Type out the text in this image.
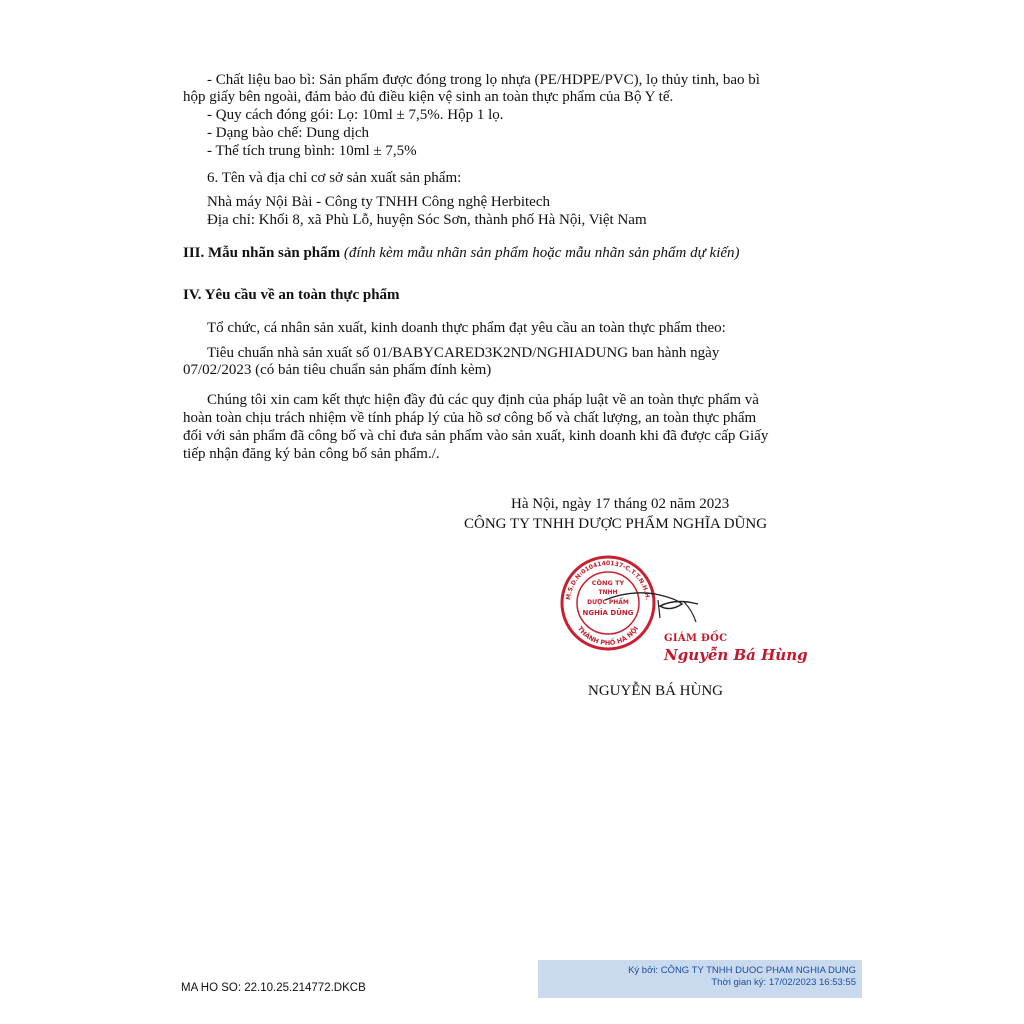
- Chất liệu bao bì: Sản phẩm được đóng trong lọ nhựa (PE/HDPE/PVC), lọ thủy tinh, bao bì
hộp giấy bên ngoài, đảm bảo đủ điều kiện vệ sinh an toàn thực phẩm của Bộ Y tế.
- Quy cách đóng gói: Lọ: 10ml ± 7,5%. Hộp 1 lọ.
- Dạng bào chế: Dung dịch
- Thể tích trung bình: 10ml ± 7,5%
6. Tên và địa chỉ cơ sở sản xuất sản phẩm:
Nhà máy Nội Bài - Công ty TNHH Công nghệ Herbitech
Địa chỉ: Khối 8, xã Phù Lỗ, huyện Sóc Sơn, thành phố Hà Nội, Việt Nam
III. Mẫu nhãn sản phẩm (đính kèm mẫu nhãn sản phẩm hoặc mẫu nhãn sản phẩm dự kiến)
IV. Yêu cầu về an toàn thực phẩm
Tổ chức, cá nhân sản xuất, kinh doanh thực phẩm đạt yêu cầu an toàn thực phẩm theo:
Tiêu chuẩn nhà sản xuất số 01/BABYCARED3K2ND/NGHIADUNG ban hành ngày
07/02/2023 (có bản tiêu chuẩn sản phẩm đính kèm)
Chúng tôi xin cam kết thực hiện đầy đủ các quy định của pháp luật về an toàn thực phẩm và
hoàn toàn chịu trách nhiệm về tính pháp lý của hồ sơ công bố và chất lượng, an toàn thực phẩm
đối với sản phẩm đã công bố và chỉ đưa sản phẩm vào sản xuất, kinh doanh khi đã được cấp Giấy
tiếp nhận đăng ký bản công bố sản phẩm./.
Hà Nội, ngày 17 tháng 02 năm 2023
CÔNG TY TNHH DƯỢC PHẨM NGHĨA DŨNG
CÔNG TY
TNHH
DƯỢC PHẨM
NGHĨA DŨNG
M.S.D.N:0104140137-C.T.T.N.H.H.
THÀNH PHỐ HÀ NỘI
GIÁM ĐỐC
Nguyễn Bá Hùng
NGUYỄN BÁ HÙNG
MA HO SO: 22.10.25.214772.DKCB
Ký bởi: CÔNG TY TNHH DUOC PHAM NGHIA DUNG
Thời gian ký: 17/02/2023 16:53:55
